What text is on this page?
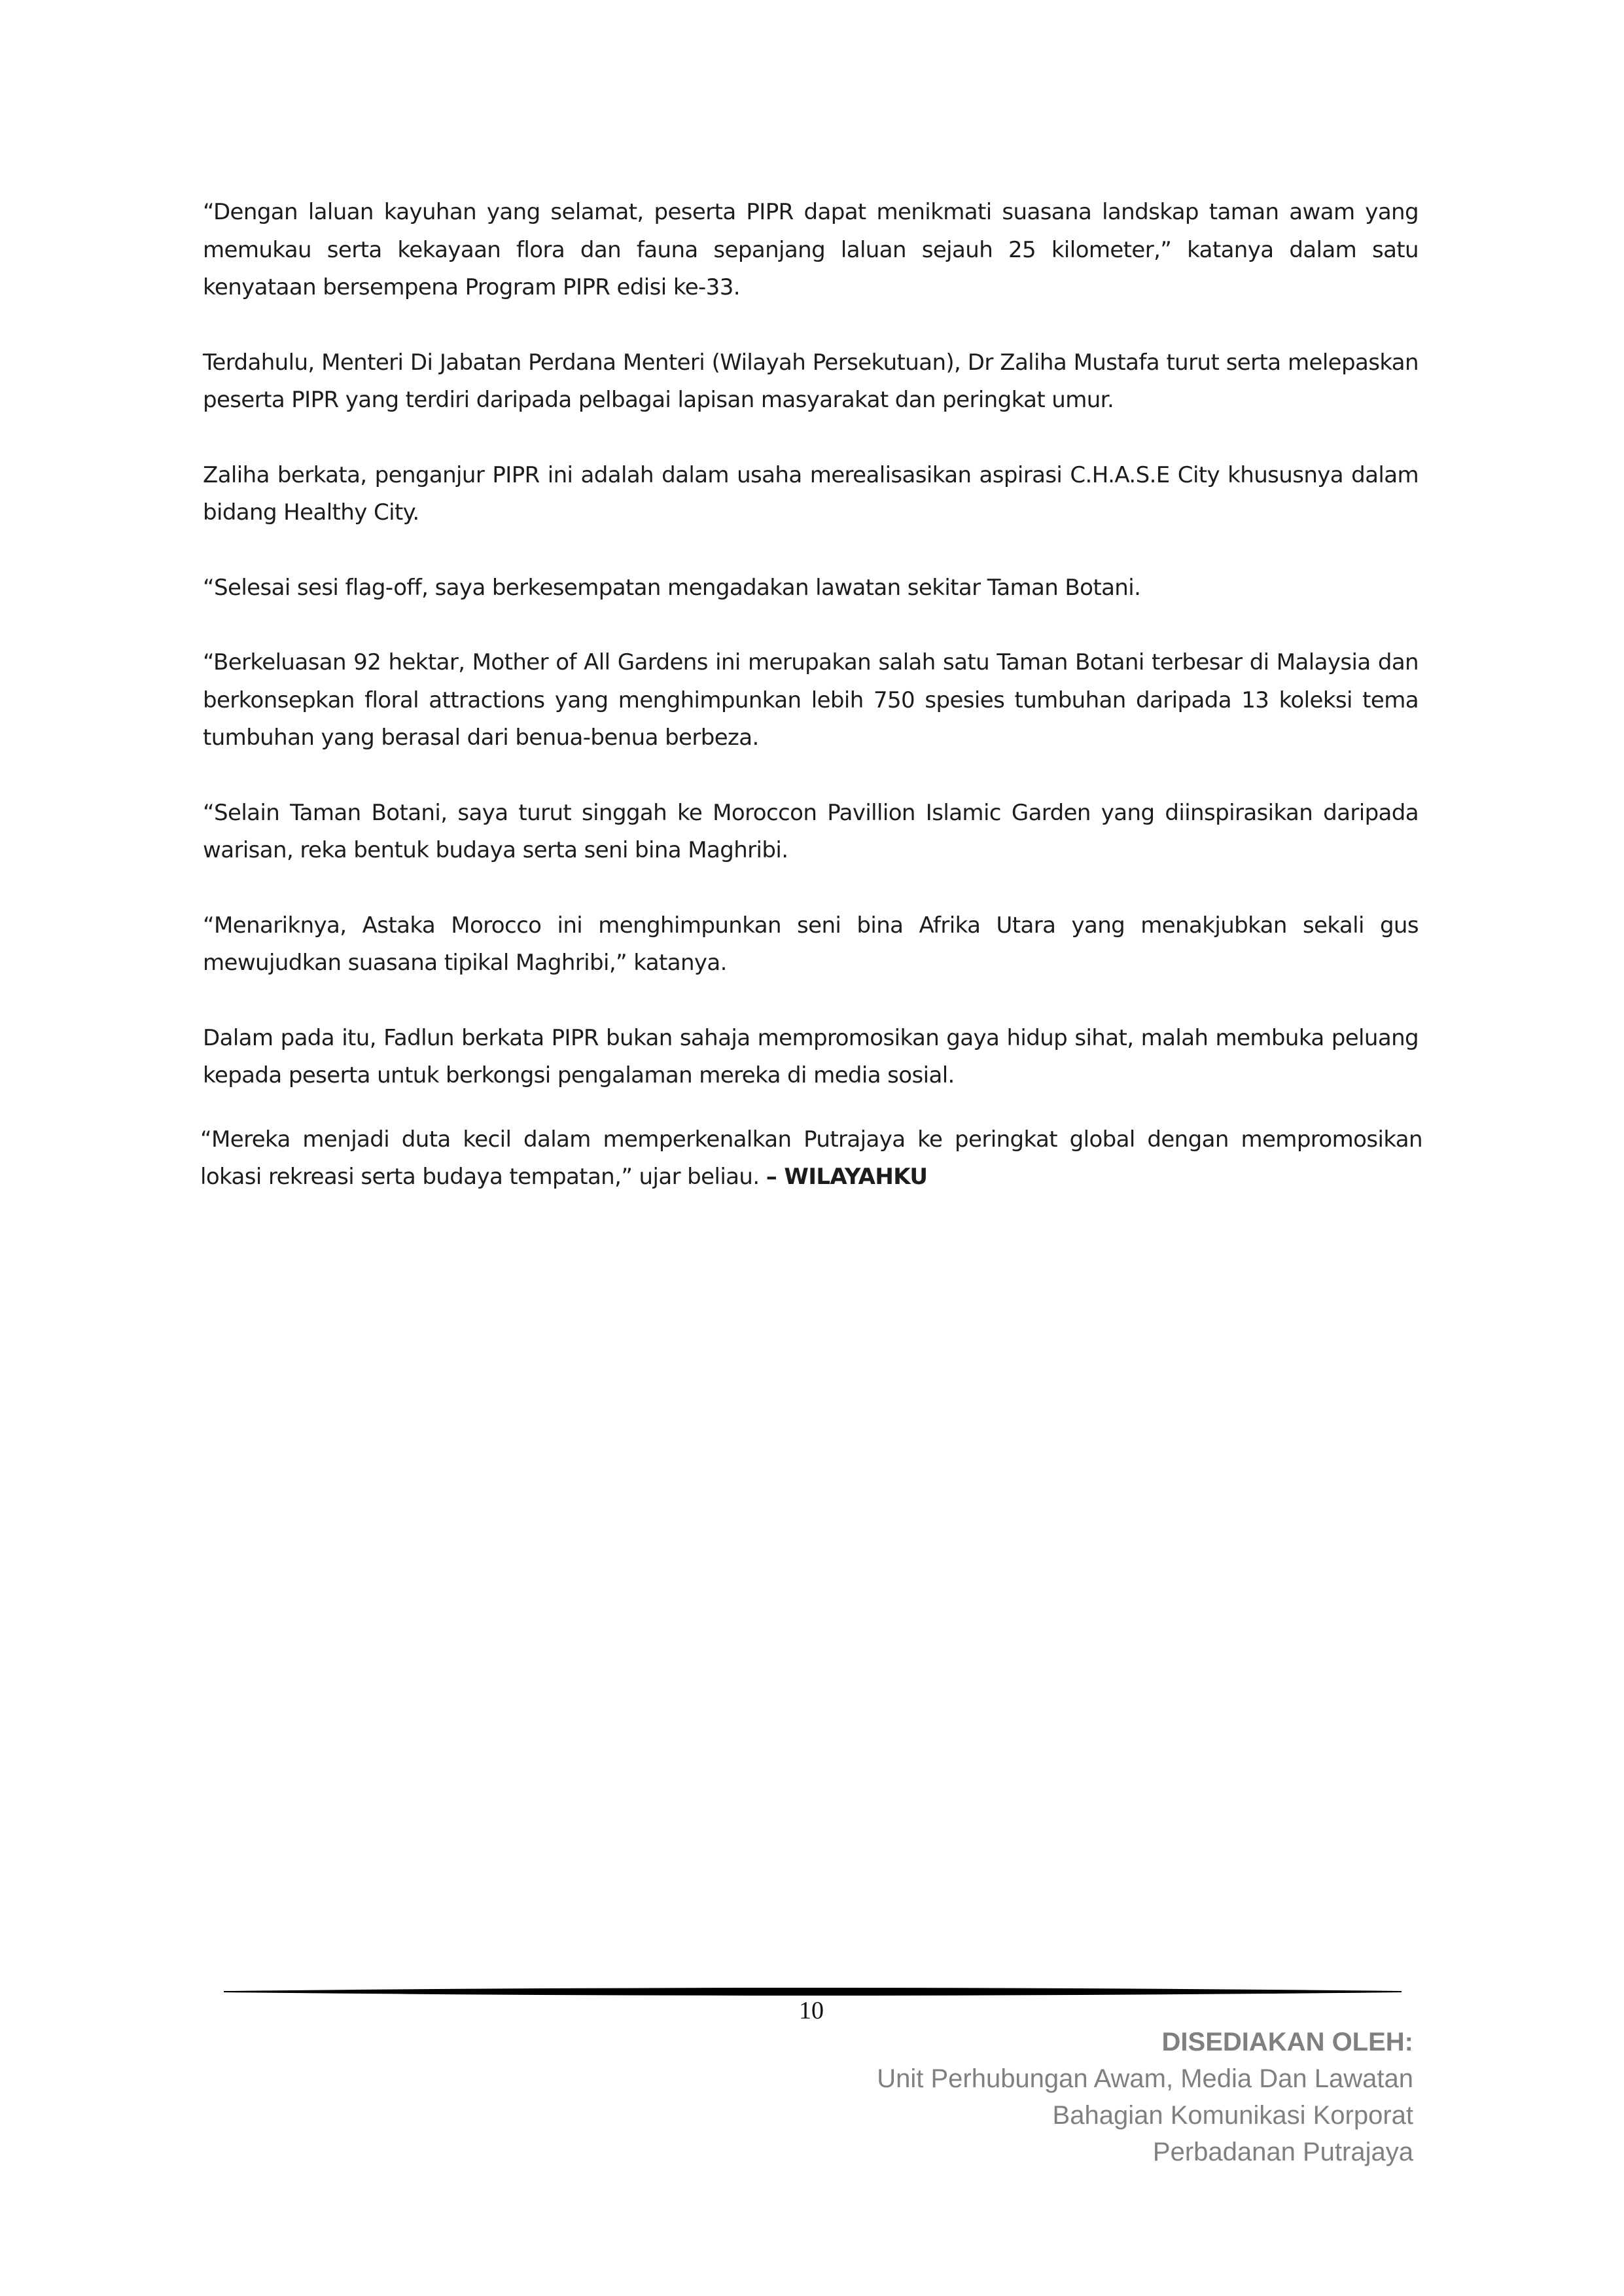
“Dengan laluan kayuhan yang selamat, peserta PIPR dapat menikmati suasana landskap taman awam yang memukau serta kekayaan flora dan fauna sepanjang laluan sejauh 25 kilometer,” katanya dalam satu kenyataan bersempena Program PIPR edisi ke-33.

Terdahulu, Menteri Di Jabatan Perdana Menteri (Wilayah Persekutuan), Dr Zaliha Mustafa turut serta melepaskan peserta PIPR yang terdiri daripada pelbagai lapisan masyarakat dan peringkat umur.

Zaliha berkata, penganjur PIPR ini adalah dalam usaha merealisasikan aspirasi C.H.A.S.E City khususnya dalam bidang Healthy City.

“Selesai sesi flag-off, saya berkesempatan mengadakan lawatan sekitar Taman Botani.

“Berkeluasan 92 hektar, Mother of All Gardens ini merupakan salah satu Taman Botani terbesar di Malaysia dan berkonsepkan floral attractions yang menghimpunkan lebih 750 spesies tumbuhan daripada 13 koleksi tema tumbuhan yang berasal dari benua-benua berbeza.

“Selain Taman Botani, saya turut singgah ke Moroccon Pavillion Islamic Garden yang diinspirasikan daripada warisan, reka bentuk budaya serta seni bina Maghribi.

“Menariknya, Astaka Morocco ini menghimpunkan seni bina Afrika Utara yang menakjubkan sekali gus mewujudkan suasana tipikal Maghribi,” katanya.

Dalam pada itu, Fadlun berkata PIPR bukan sahaja mempromosikan gaya hidup sihat, malah membuka peluang kepada peserta untuk berkongsi pengalaman mereka di media sosial.

“Mereka menjadi duta kecil dalam memperkenalkan Putrajaya ke peringkat global dengan mempromosikan lokasi rekreasi serta budaya tempatan,” ujar beliau. – WILAYAHKU

10
DISEDIAKAN OLEH:
Unit Perhubungan Awam, Media Dan Lawatan
Bahagian Komunikasi Korporat
Perbadanan Putrajaya
